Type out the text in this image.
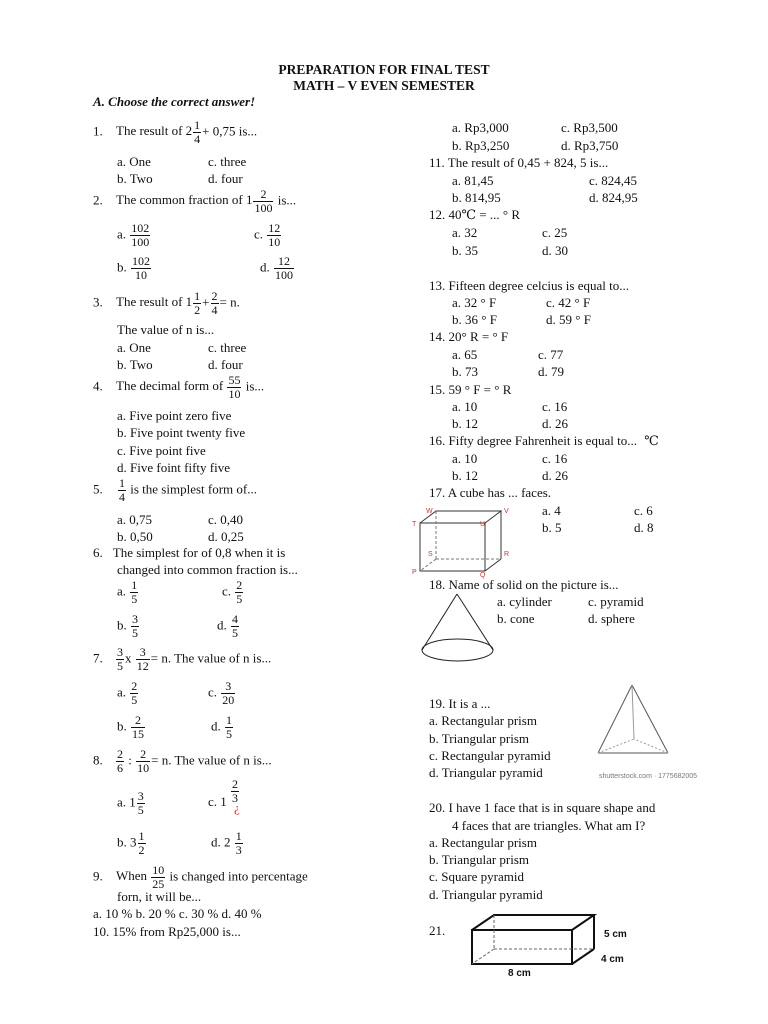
PREPARATION FOR FINAL TEST
MATH – V EVEN SEMESTER
A. Choose the correct answer!
1. The result of $2 \frac{1}{4} + 0,75$ is...
a. One	c. three
b. Two	d. four
2. The common fraction of $1 \frac{2}{100}$ is...
a. $\frac{102}{100}$	c. $\frac{12}{10}$
b. $\frac{102}{10}$	d. $\frac{12}{100}$
3. The result of $1 \frac{1}{2} + \frac{2}{4} = n$.
The value of n is...
a. One	c. three
b. Two	d. four
4. The decimal form of $\frac{55}{10}$ is...
a. Five point zero five
b. Five point twenty five
c. Five point five
d. Five foint fifty five
5. $\frac{1}{4}$ is the simplest form of...
a. 0,75	c. 0,40
b. 0,50	d. 0,25
6. The simplest for of 0,8 when it is
changed into common fraction is...
a. $\frac{1}{5}$	c. $\frac{2}{5}$
b. $\frac{3}{5}$	d. $\frac{4}{5}$
7. $\frac{3}{5}$ x $\frac{3}{12} = n$. The value of n is...
a. $\frac{2}{5}$	c. $\frac{3}{20}$
b. $\frac{2}{15}$	d. $\frac{1}{5}$
8. $\frac{2}{6}$ : $\frac{2}{10} = n$. The value of n is...
a. $1 \frac{3}{5}$	c. $1 \frac{2}{3}$
¿
b. $3 \frac{1}{2}$	d. $2 \frac{1}{3}$
9. When $\frac{10}{25}$ is changed into percentage
forn, it will be...
a. 10 % b. 20 % c. 30 % d. 40 %
10. 15% from Rp25,000 is...
a. Rp3,000	c. Rp3,500
b. Rp3,250	d. Rp3,750
11. The result of 0,45 + 824, 5 is...
a. 81,45	c. 824,45
b. 814,95	d. 824,95
12. 40℃ = ... ° R
a. 32	c. 25
b. 35	d. 30
13. Fifteen degree celcius is equal to...
a. 32 ° F	c. 42 ° F
b. 36 ° F	d. 59 ° F
14. 20° R = ° F
a. 65	c. 77
b. 73	d. 79
15. 59 ° F = ° R
a. 10	c. 16
b. 12	d. 26
16. Fifty degree Fahrenheit is equal to... ℃
a. 10	c. 16
b. 12	d. 26
17. A cube has ... faces.
a. 4	c. 6
b. 5	d. 8
W	V
T	U
S	R
P	Q
18. Name of solid on the picture is...
a. cylinder	c. pyramid
b. cone	d. sphere
19. It is a ...
a. Rectangular prism
b. Triangular prism
c. Rectangular pyramid
d. Triangular pyramid	shutterstock.com · 1775682005
20. I have 1 face that is in square shape and
4 faces that are triangles. What am I?
a. Rectangular prism
b. Triangular prism
c. Square pyramid
d. Triangular pyramid
21.	5 cm
4 cm
8 cm
